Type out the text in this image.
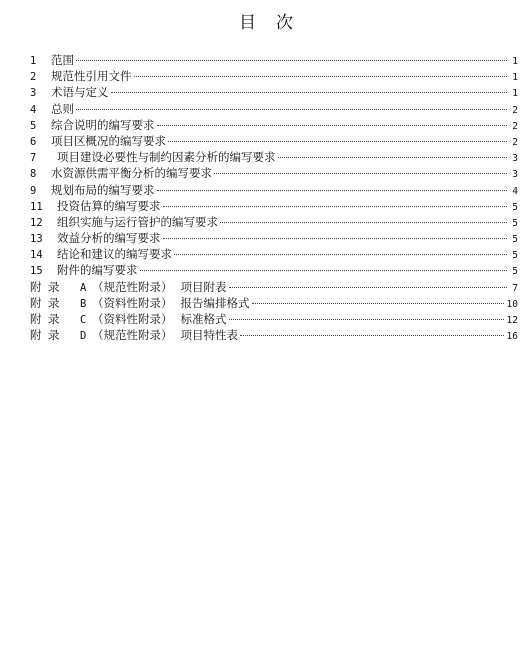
目 次
1	范围	1
2	规范性引用文件	1
3	术语与定义	1
4	总则	2
5	综合说明的编写要求	2
6	项目区概况的编写要求	2
7	项目建设必要性与制约因素分析的编写要求	3
8	水资源供需平衡分析的编写要求	3
9	规划布局的编写要求	4
11	投资估算的编写要求	5
12	组织实施与运行管护的编写要求	5
13	效益分析的编写要求	5
14	结论和建议的编写要求	5
15	附件的编写要求	5
附 录	A （规范性附录） 项目附表	7
附 录	B （资料性附录） 报告编排格式	10
附 录	C （资料性附录） 标准格式	12
附 录	D （规范性附录） 项目特性表	16
